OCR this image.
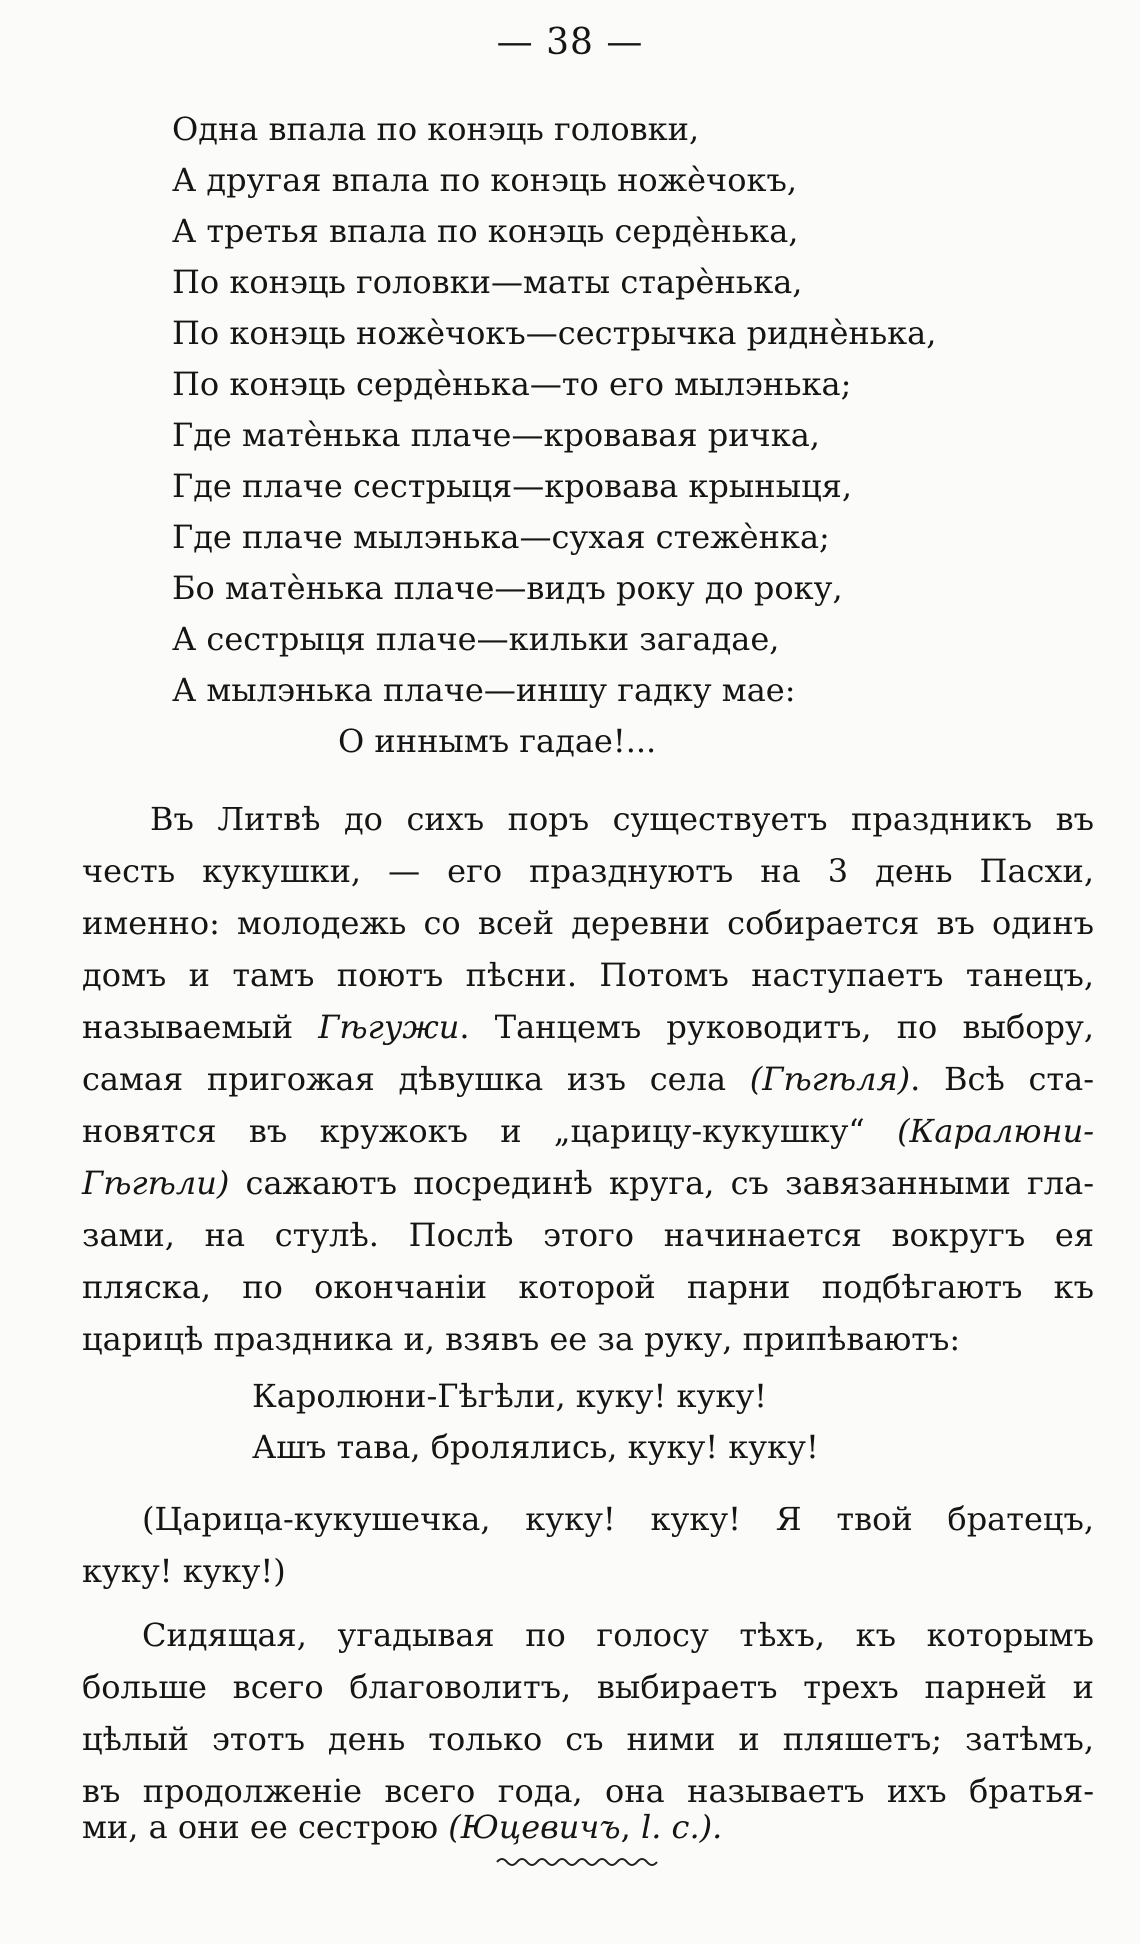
— 38 —
Одна впала по конэць головки,
А другая впала по конэць ножѐчокъ,
А третья впала по конэць сердѐнька,
По конэць головки—маты старѐнька,
По конэць ножѐчокъ—сестрычка риднѐнька,
По конэць сердѐнька—то его мылэнька;
Где матѐнька плаче—кровавая ричка,
Где плаче сестрыця—кровава крыныця,
Где плаче мылэнька—сухая стежѐнка;
Бо матѐнька плаче—видъ року до року,
А сестрыця плаче—кильки загадае,
А мылэнька плаче—иншу гадку мае:
О иннымъ гадае!...
Въ Литвѣ до сихъ поръ существуетъ праздникъ въ
честь кукушки, — его празднуютъ на 3 день Пасхи,
именно: молодежь со всей деревни собирается въ одинъ
домъ и тамъ поютъ пѣсни. Потомъ наступаетъ танецъ,
называемый Гѣгужи. Танцемъ руководитъ, по выбору,
самая пригожая дѣвушка изъ села (Гѣгѣля). Всѣ ста-
новятся въ кружокъ и „царицу-кукушку“ (Каралюни-
Гѣгѣли) сажаютъ посрединѣ круга, съ завязанными гла-
зами, на стулѣ. Послѣ этого начинается вокругъ ея
пляска, по окончаніи которой парни подбѣгаютъ къ
царицѣ праздника и, взявъ ее за руку, припѣваютъ:
Каролюни-Гѣгѣли, куку! куку!
Ашъ тава, бролялись, куку! куку!
(Царица-кукушечка, куку! куку! Я твой братецъ,
куку! куку!)
Сидящая, угадывая по голосу тѣхъ, къ которымъ
больше всего благоволитъ, выбираетъ трехъ парней и
цѣлый этотъ день только съ ними и пляшетъ; затѣмъ,
въ продолженіе всего года, она называетъ ихъ братья-
ми, а они ее сестрою (Юцевичъ, l. c.).
